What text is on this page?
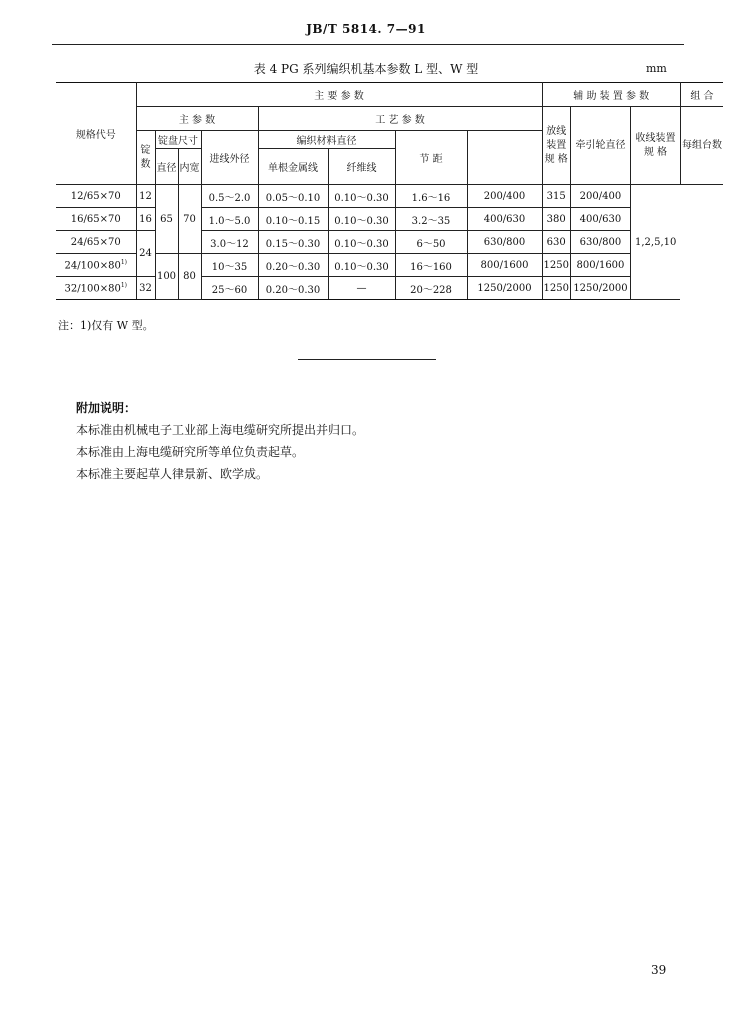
JB/T 5814. 7—91
表 4 PG 系列编织机基本参数 L 型、W 型	mm
规格代号	主 要 参 数								辅 助 装 置 参 数			组 合
	主 参 数				工 艺 参 数				放线装置规 格	牵引轮直径	收线装置规 格	每组台数
	锭数	锭盘尺寸		进线外径	编织材料直径		节 距					
		直径	内宽		单根金属线	纤维线						
12/65×70	12	65	70	0.5～2.0	0.05～0.10	0.10～0.30	1.6～16	200/400	315	200/400	1,2,5,10	
16/65×70	16			1.0～5.0	0.10～0.15	0.10～0.30	3.2～35	400/630	380	400/630		
24/65×70	24			3.0～12	0.15～0.30	0.10～0.30	6～50	630/800	630	630/800		
$24/100\times 80^{1)}$		100	80	10～35	0.20～0.30	0.10～0.30	16～160	800/1600	1250	800/1600		
$32/100\times 80^{1)}$	32			25～60	0.20～0.30	—	20～228	1250/2000	1250	1250/2000		
注：1)仅有 W 型。
附加说明：
本标准由机械电子工业部上海电缆研究所提出并归口。
本标准由上海电缆研究所等单位负责起草。
本标准主要起草人律景新、欧学成。
39
